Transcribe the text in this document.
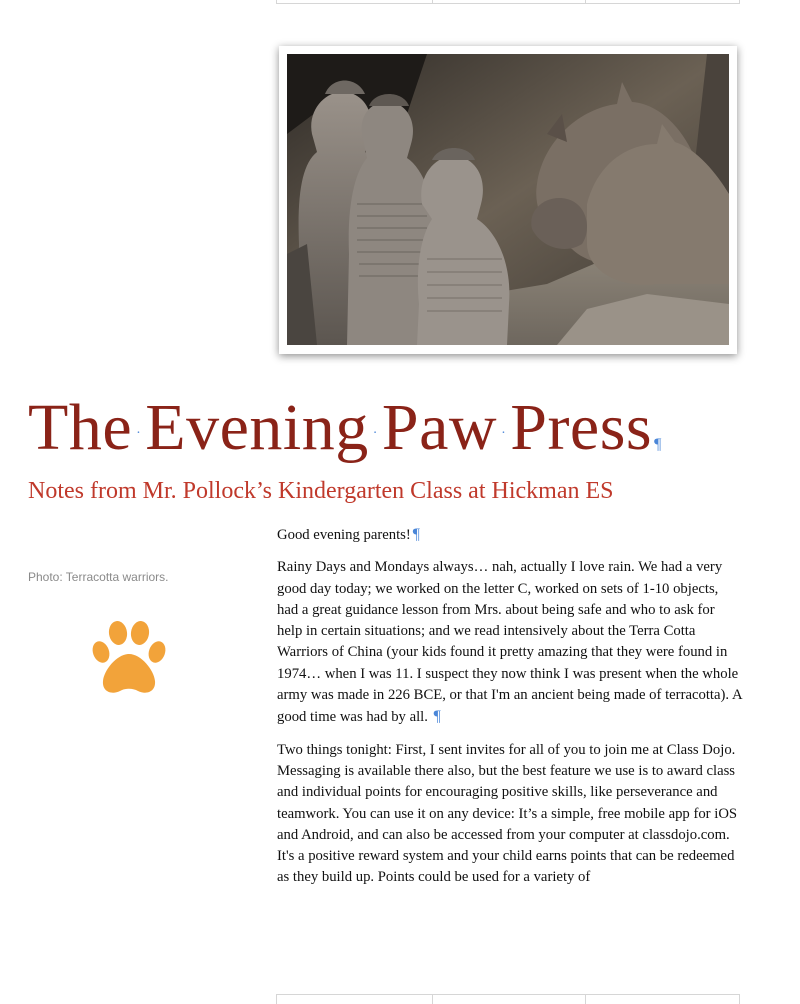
The ·Evening ·Paw ·Press ¶
Notes from Mr. Pollock’s Kindergarten Class at Hickman ES
Photo: Terracotta warriors.

Good evening parents! ¶

Rainy Days and Mondays always… nah, actually I love rain. We had a very good day today; we worked on the letter C, worked on sets of 1-10 objects, had a great guidance lesson from Mrs. about being safe and who to ask for help in certain situations; and we read intensively about the Terra Cotta Warriors of China (your kids found it pretty amazing that they were found in 1974… when I was 11. I suspect they now think I was present when the whole army was made in 226 BCE, or that I'm an ancient being made of terracotta). A good time was had by all. ¶

Two things tonight: First, I sent invites for all of you to join me at Class Dojo. Messaging is available there also, but the best feature we use is to award class and individual points for encouraging positive skills, like perseverance and teamwork. You can use it on any device: It’s a simple, free mobile app for iOS and Android, and can also be accessed from your computer at classdojo.com. It's a positive reward system and your child earns points that can be redeemed as they build up. Points could be used for a variety of
